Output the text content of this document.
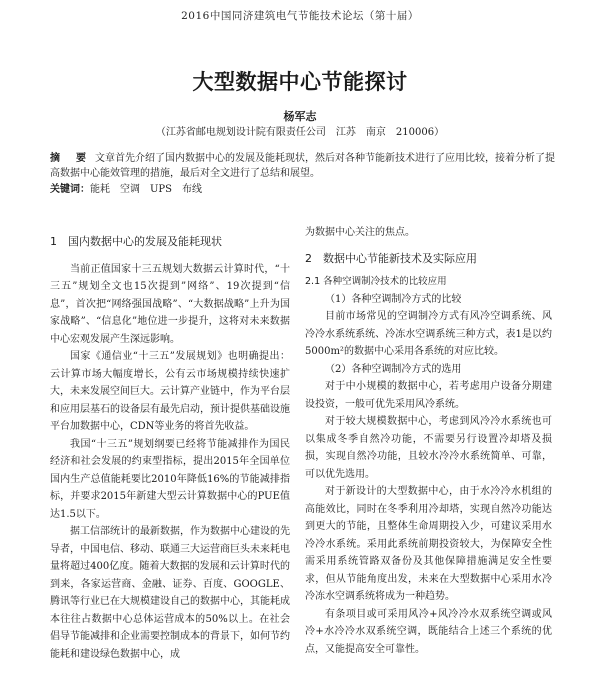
2016中国同济建筑电气节能技术论坛（第十届）
大型数据中心节能探讨
杨军志
（江苏省邮电规划设计院有限责任公司　江苏　南京　210006）
摘　要 文章首先介绍了国内数据中心的发展及能耗现状，然后对各种节能新技术进行了应用比较，接着分析了提高数据中心能效管理的措施，最后对全文进行了总结和展望。
关键词：能耗　空调　UPS　布线

1　国内数据中心的发展及能耗现状

当前正值国家十三五规划大数据云计算时代，“十三五”规划全文也15次提到”网络”、19次提到“信息”，首次把“网络强国战略”、“大数据战略”上升为国家战略”、“信息化”地位进一步提升，这将对未来数据中心宏观发展产生深远影响。

国家《通信业“十三五”发展规划》也明确提出：云计算市场大幅度增长，公有云市场规模持续快速扩大，未来发展空间巨大。云计算产业链中，作为平台层和应用层基石的设备层有最先启动，预计提供基础设施平台加数据中心，CDN等业务的将首先收益。

我国“十三五”规划纲要已经将节能减排作为国民经济和社会发展的约束型指标，提出2015年全国单位国内生产总值能耗要比2010年降低16%的节能减排指标，并要求2015年新建大型云计算数据中心的PUE值达1.5以下。

据工信部统计的最新数据，作为数据中心建设的先导者，中国电信、移动、联通三大运营商巨头未来耗电量将超过400亿度。随着大数据的发展和云计算时代的到来，各家运营商、金融、证券、百度、GOOGLE、腾讯等行业已在大规模建设自己的数据中心，其能耗成本往往占数据中心总体运营成本的50%以上。在社会倡导节能减排和企业需要控制成本的背景下，如何节约能耗和建设绿色数据中心，成

为数据中心关注的焦点。

2　数据中心节能新技术及实际应用

2.1 各种空调制冷技术的比较应用

（1）各种空调制冷方式的比较

目前市场常见的空调制冷方式有风冷空调系统、风冷冷水系统系统、冷冻水空调系统三种方式，表1是以约5000m²的数据中心采用各系统的对应比较。

（2）各种空调制冷方式的选用

对于中小规模的数据中心，若考虑用户设备分期建设投资，一般可优先采用风冷系统。

对于较大规模数据中心，考虑到风冷冷水系统也可以集成冬季自然冷功能，不需要另行设置冷却塔及损损，实现自然冷功能，且较水冷冷水系统简单、可靠，可以优先选用。

对于新设计的大型数据中心，由于水冷冷水机组的高能效比，同时在冬季利用冷却塔，实现自然冷功能达到更大的节能，且整体生命周期投入少，可建议采用水冷冷水系统。采用此系统前期投资较大，为保障安全性需采用系统管路双备份及其他保障措施满足安全性要求，但从节能角度出发，未来在大型数据中心采用水冷冷冻水空调系统将成为一种趋势。

有条项目或可采用风冷+风冷冷水双系统空调或风冷+水冷冷水双系统空调，既能结合上述三个系统的优点，又能提高安全可靠性。
